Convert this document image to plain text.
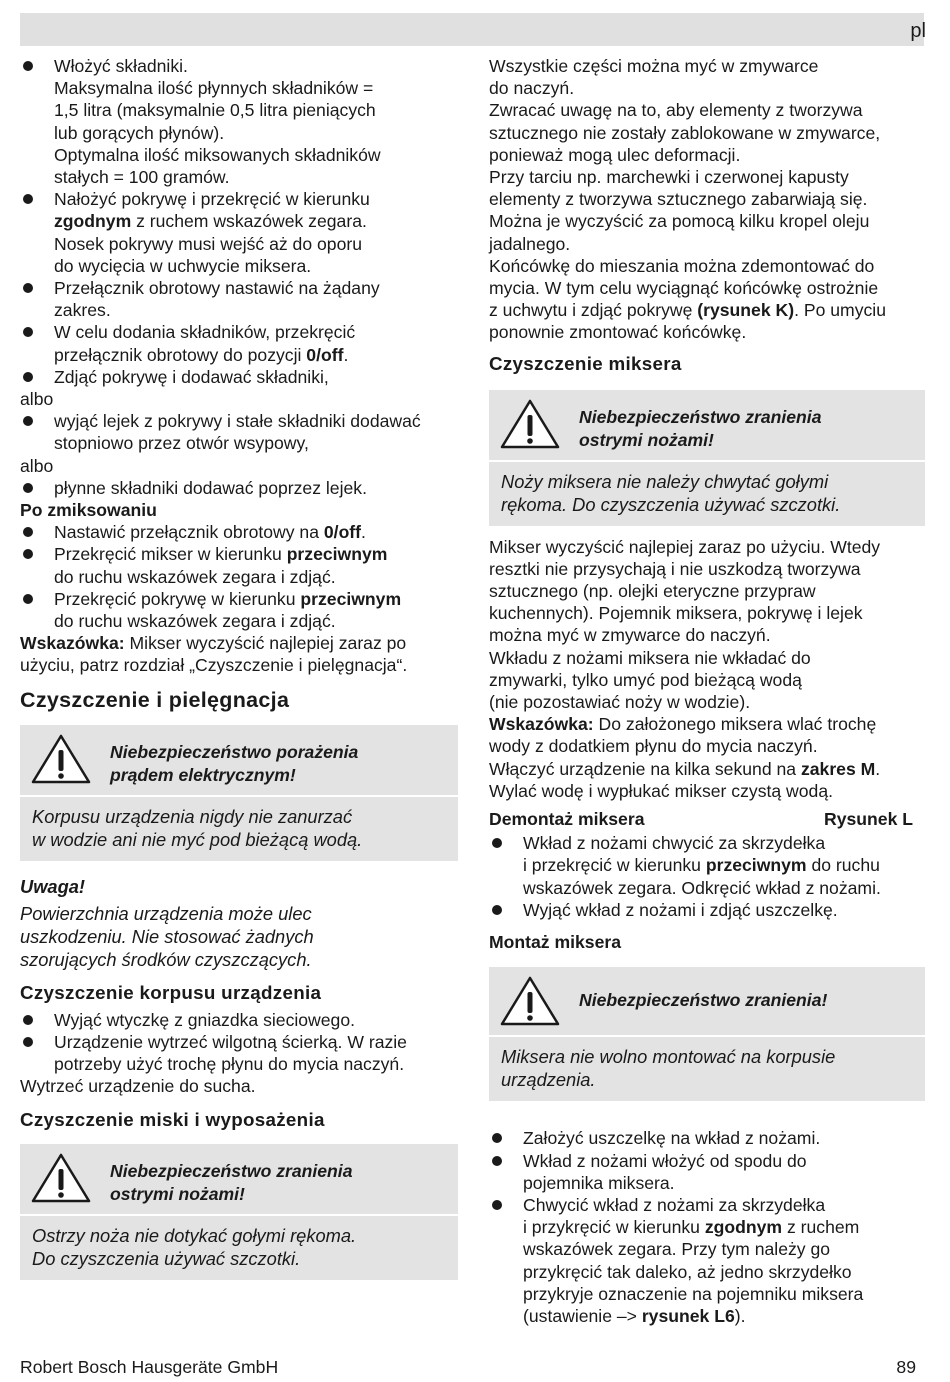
pl
Włożyć składniki.
Maksymalna ilość płynnych składników =
1,5 litra (maksymalnie 0,5 litra pieniących
lub gorących płynów).
Optymalna ilość miksowanych składników
stałych = 100 gramów.
Nałożyć pokrywę i przekręcić w kierunku
zgodnym z ruchem wskazówek zegara.
Nosek pokrywy musi wejść aż do oporu
do wycięcia w uchwycie miksera.
Przełącznik obrotowy nastawić na żądany
zakres.
W celu dodania składników, przekręcić
przełącznik obrotowy do pozycji 0/off.
Zdjąć pokrywę i dodawać składniki,

albo

wyjąć lejek z pokrywy i stałe składniki dodawać
stopniowo przez otwór wsypowy,

albo

płynne składniki dodawać poprzez lejek.

Po zmiksowaniu

Nastawić przełącznik obrotowy na 0/off.
Przekręcić mikser w kierunku przeciwnym
do ruchu wskazówek zegara i zdjąć.
Przekręcić pokrywę w kierunku przeciwnym
do ruchu wskazówek zegara i zdjąć.

Wskazówka: Mikser wyczyścić najlepiej zaraz po użyciu, patrz rozdział „Czyszczenie i pielęgnacja“.

Czyszczenie i pielęgnacja
Niebezpieczeństwo porażenia
prądem elektrycznym!
Korpusu urządzenia nigdy nie zanurzać
w wodzie ani nie myć pod bieżącą wodą.

Uwaga!

Powierzchnia urządzenia może ulec
uszkodzeniu. Nie stosować żadnych
szorujących środków czyszczących.
Czyszczenie korpusu urządzenia
Wyjąć wtyczkę z gniazdka sieciowego.
Urządzenie wytrzeć wilgotną ścierką. W razie
potrzeby użyć trochę płynu do mycia naczyń.

Wytrzeć urządzenie do sucha.

Czyszczenie miski i wyposażenia
Niebezpieczeństwo zranienia
ostrymi nożami!
Ostrzy noża nie dotykać gołymi rękoma.
Do czyszczenia używać szczotki.
Wszystkie części można myć w zmywarce
do naczyń.
Zwracać uwagę na to, aby elementy z tworzywa
sztucznego nie zostały zablokowane w zmywarce,
ponieważ mogą ulec deformacji.
Przy tarciu np. marchewki i czerwonej kapusty
elementy z tworzywa sztucznego zabarwiają się.
Można je wyczyścić za pomocą kilku kropel oleju
jadalnego.
Końcówkę do mieszania można zdemontować do
mycia. W tym celu wyciągnąć końcówkę ostrożnie
z uchwytu i zdjąć pokrywę (rysunek K). Po umyciu
ponownie zmontować końcówkę.
Czyszczenie miksera
Niebezpieczeństwo zranienia
ostrymi nożami!
Noży miksera nie należy chwytać gołymi
rękoma. Do czyszczenia używać szczotki.
Mikser wyczyścić najlepiej zaraz po użyciu. Wtedy
resztki nie przysychają i nie uszkodzą tworzywa
sztucznego (np. olejki eteryczne przypraw
kuchennych). Pojemnik miksera, pokrywę i lejek
można myć w zmywarce do naczyń.
Wkładu z nożami miksera nie wkładać do
zmywarki, tylko umyć pod bieżącą wodą
(nie pozostawiać noży w wodzie).
Wskazówka: Do założonego miksera wlać trochę
wody z dodatkiem płynu do mycia naczyń.
Włączyć urządzenie na kilka sekund na zakres M.
Wylać wodę i wypłukać mikser czystą wodą.
Demontaż miksera	Rysunek L
Wkład z nożami chwycić za skrzydełka
i przekręcić w kierunku przeciwnym do ruchu
wskazówek zegara. Odkręcić wkład z nożami.
Wyjąć wkład z nożami i zdjąć uszczelkę.
Montaż miksera
Niebezpieczeństwo zranienia!
Miksera nie wolno montować na korpusie
urządzenia.
Założyć uszczelkę na wkład z nożami.
Wkład z nożami włożyć od spodu do
pojemnika miksera.
Chwycić wkład z nożami za skrzydełka
i przykręcić w kierunku zgodnym z ruchem
wskazówek zegara. Przy tym należy go
przykręcić tak daleko, aż jedno skrzydełko
przykryje oznaczenie na pojemniku miksera
(ustawienie –> rysunek L6).
Robert Bosch Hausgeräte GmbH	89
